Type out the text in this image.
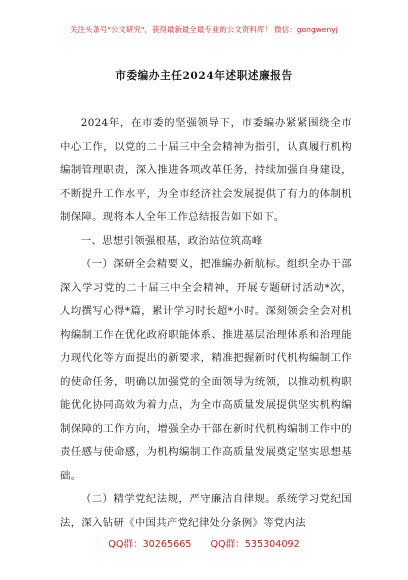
关注头条号"公文研究"，获得最新最全最专业的公文资料库！ 微信：gongwenyj
市委编办主任2024年述职述廉报告

2024年，在市委的坚强领导下，市委编办紧紧围绕全市中心工作，以党的二十届三中全会精神为指引，认真履行机构编制管理职责，深入推进各项改革任务，持续加强自身建设，不断提升工作水平，为全市经济社会发展提供了有力的体制机制保障。现将本人全年工作总结报告如下如下。

一、思想引领强根基，政治站位筑高峰

（一）深研全会精要义，把准编办新航标。组织全办干部深入学习党的二十届三中全会精神，开展专题研讨活动*次，人均撰写心得*篇，累计学习时长超*小时。深刻领会全会对机构编制工作在优化政府职能体系、推进基层治理体系和治理能力现代化等方面提出的新要求，精准把握新时代机构编制工作的使命任务，明确以加强党的全面领导为统领，以推动机构职能优化协同高效为着力点，为全市高质量发展提供坚实机构编制保障的工作方向，增强全办干部在新时代机构编制工作中的责任感与使命感，为机构编制工作高质量发展奠定坚实思想基础。

（二）精学党纪法规，严守廉洁自律规。系统学习党纪国法，深入钻研《中国共产党纪律处分条例》等党内法

QQ群：30265665 QQ群：535304092
